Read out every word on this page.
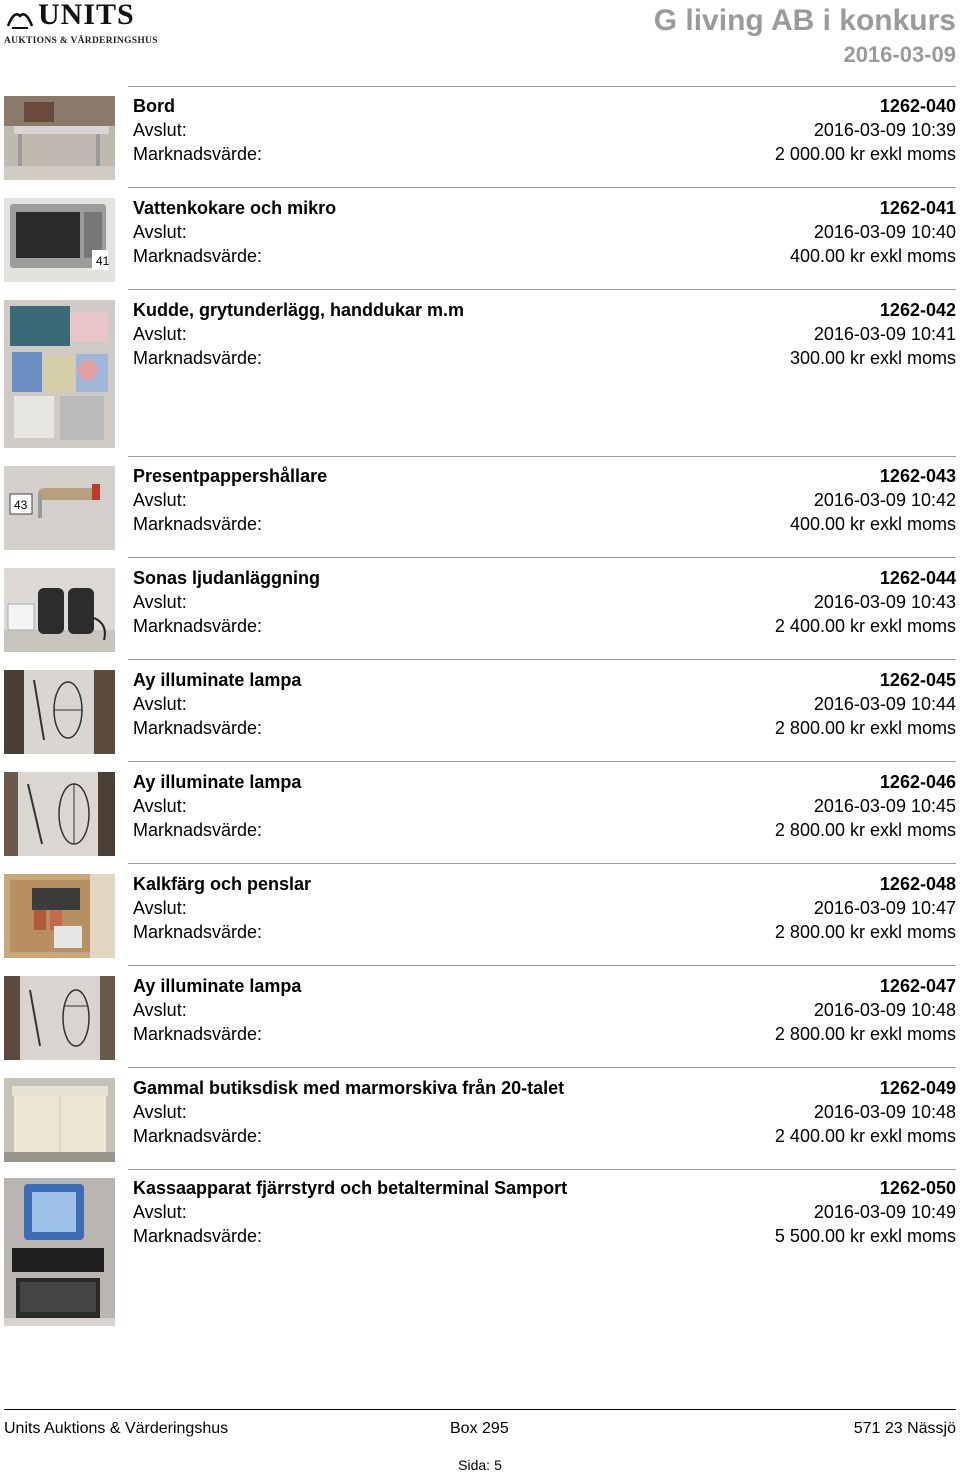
UNITS
AUKTIONS & VÄRDERINGSHUS
G living AB i konkurs
2016-03-09
Bord	1262-040
Avslut:	2016-03-09 10:39
Marknadsvärde:	2 000.00 kr exkl moms
41
Vattenkokare och mikro	1262-041
Avslut:	2016-03-09 10:40
Marknadsvärde:	400.00 kr exkl moms
Kudde, grytunderlägg, handdukar m.m	1262-042
Avslut:	2016-03-09 10:41
Marknadsvärde:	300.00 kr exkl moms
43
Presentpappershållare	1262-043
Avslut:	2016-03-09 10:42
Marknadsvärde:	400.00 kr exkl moms
Sonas ljudanläggning	1262-044
Avslut:	2016-03-09 10:43
Marknadsvärde:	2 400.00 kr exkl moms
Ay illuminate lampa	1262-045
Avslut:	2016-03-09 10:44
Marknadsvärde:	2 800.00 kr exkl moms
Ay illuminate lampa	1262-046
Avslut:	2016-03-09 10:45
Marknadsvärde:	2 800.00 kr exkl moms
Kalkfärg och penslar	1262-048
Avslut:	2016-03-09 10:47
Marknadsvärde:	2 800.00 kr exkl moms
Ay illuminate lampa	1262-047
Avslut:	2016-03-09 10:48
Marknadsvärde:	2 800.00 kr exkl moms
Gammal butiksdisk med marmorskiva från 20-talet	1262-049
Avslut:	2016-03-09 10:48
Marknadsvärde:	2 400.00 kr exkl moms
Kassaapparat fjärrstyrd och betalterminal Samport	1262-050
Avslut:	2016-03-09 10:49
Marknadsvärde:	5 500.00 kr exkl moms
Units Auktions & Värderingshus	Box 295	571 23 Nässjö
Sida: 5
